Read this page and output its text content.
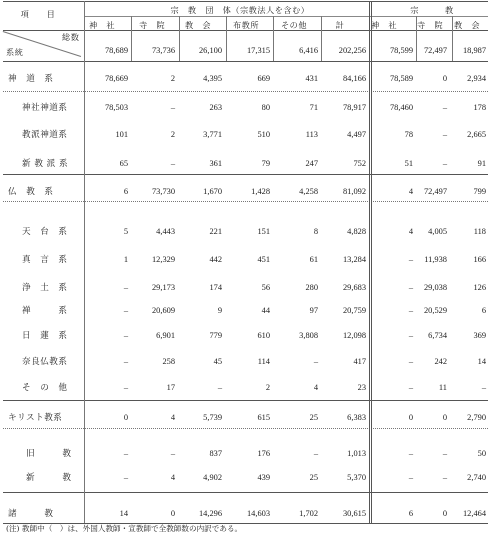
項　　目	宗　教　団　体（宗教法人を含む）	宗　　　教
神　社	寺　院 教　会	布教所	その他	計	神　社 寺　院 教　会
総数
系統	78,689	73,736	26,100	17,315	6,416 202,256	78,599 72,497 18,987
神　道　系	78,669	2	4,395	669	431	84,166	78,589	0 2,934
神社神道系	78,503	–	263	80	71	78,917	78,460	–	178
教派神道系	101	2	3,771	510	113	4,497	78	– 2,665
新 教 派 系	65	–	361	79	247	752	51	–	91
仏　教　系	6	73,730	1,670	1,428	4,258	81,092	4 72,497	799
天　台　系	5	4,443	221	151	8	4,828	4 4,005	118
真　言　系	1	12,329	442	451	61	13,284	– 11,938	166
浄　土　系	–	29,173	174	56	280	29,683	– 29,038	126
禅　　　系	–	20,609	9	44	97	20,759	– 20,529	6
日　蓮　系	–	6,901	779	610	3,808	12,098	– 6,734	369
奈良仏教系	–	258	45	114	–	417	–	242	14
そ　の　他	–	17	–	2	4	23	–	11	–
キリスト教系	0	4	5,739	615	25	6,383	0	0 2,790
旧　　　教	–	–	837	176	–	1,013	–	–	50
新　　　教	–	4	4,902	439	25	5,370	–	– 2,740
諸　　　教	14	0	14,296	14,603	1,702	30,615	6	0 12,464
(注) 教師中（　）は、外国人教師・宣教師で全教師数の内訳である。
